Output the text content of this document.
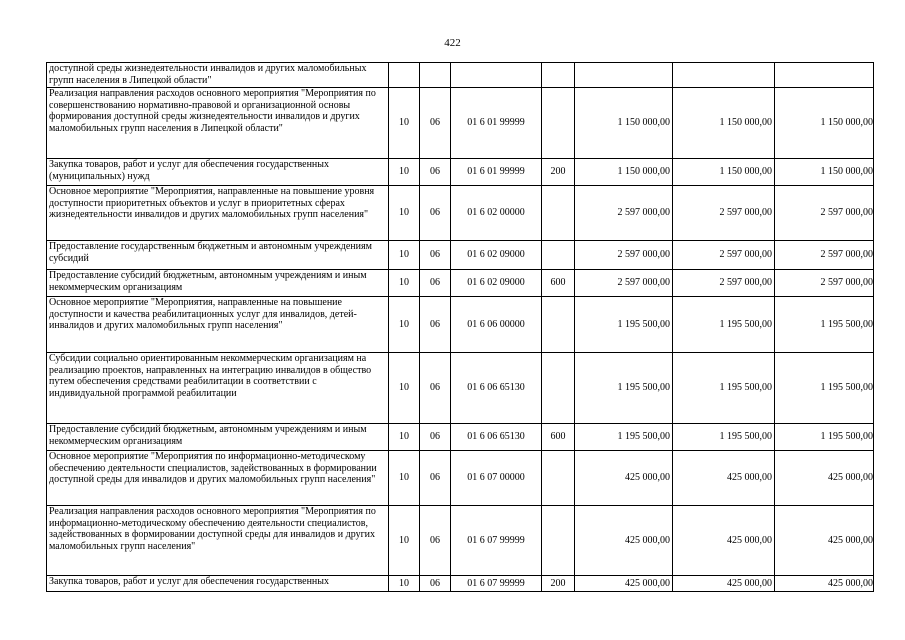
422
доступной среды жизнедеятельности инвалидов и других маломобильных групп населения в Липецкой области"							
Реализация направления расходов основного мероприятия "Мероприятия по совершенствованию нормативно-правовой и организационной основы формирования доступной среды жизнедеятельности инвалидов и других маломобильных групп населения в Липецкой области"	10	06	01 6 01 99999		1 150 000,00	1 150 000,00	1 150 000,00
Закупка товаров, работ и услуг для обеспечения государственных (муниципальных) нужд	10	06	01 6 01 99999	200	1 150 000,00	1 150 000,00	1 150 000,00
Основное мероприятие "Мероприятия, направленные на повышение уровня доступности приоритетных объектов и услуг в приоритетных сферах жизнедеятельности инвалидов и других маломобильных групп населения"	10	06	01 6 02 00000		2 597 000,00	2 597 000,00	2 597 000,00
Предоставление государственным бюджетным и автономным учреждениям субсидий	10	06	01 6 02 09000		2 597 000,00	2 597 000,00	2 597 000,00
Предоставление субсидий бюджетным, автономным учреждениям и иным некоммерческим организациям	10	06	01 6 02 09000	600	2 597 000,00	2 597 000,00	2 597 000,00
Основное мероприятие "Мероприятия, направленные на повышение доступности и качества реабилитационных услуг для инвалидов, детей-инвалидов и других маломобильных групп населения"	10	06	01 6 06 00000		1 195 500,00	1 195 500,00	1 195 500,00
Субсидии социально ориентированным некоммерческим организациям на реализацию проектов, направленных на интеграцию инвалидов в общество путем обеспечения средствами реабилитации в соответствии с индивидуальной программой реабилитации	10	06	01 6 06 65130		1 195 500,00	1 195 500,00	1 195 500,00
Предоставление субсидий бюджетным, автономным учреждениям и иным некоммерческим организациям	10	06	01 6 06 65130	600	1 195 500,00	1 195 500,00	1 195 500,00
Основное мероприятие "Мероприятия по информационно-методическому обеспечению деятельности специалистов, задействованных в формировании доступной среды для инвалидов и других маломобильных групп населения"	10	06	01 6 07 00000		425 000,00	425 000,00	425 000,00
Реализация направления расходов основного мероприятия "Мероприятия по информационно-методическому обеспечению деятельности специалистов, задействованных в формировании доступной среды для инвалидов и других маломобильных групп населения"	10	06	01 6 07 99999		425 000,00	425 000,00	425 000,00
Закупка товаров, работ и услуг для обеспечения государственных	10	06	01 6 07 99999	200	425 000,00	425 000,00	425 000,00
